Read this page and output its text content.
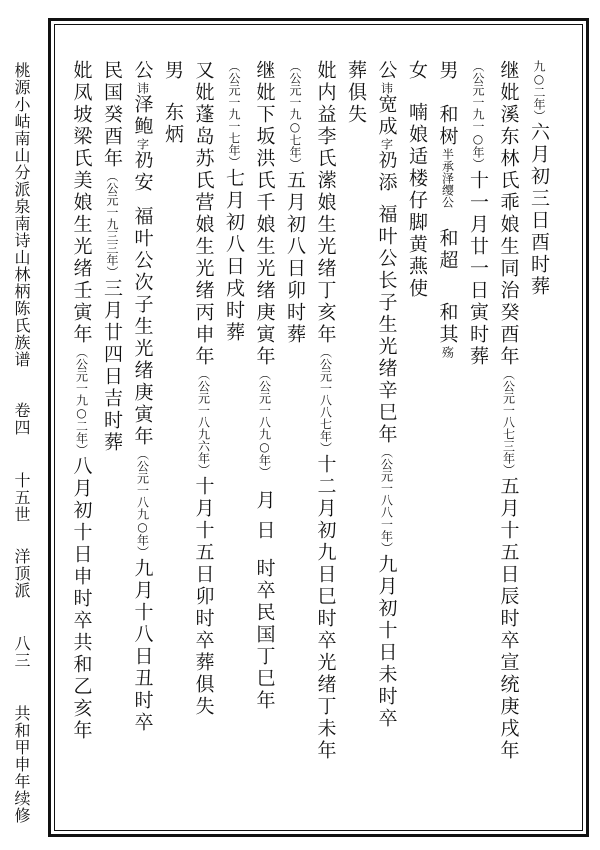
桃源小岵南山分派泉南诗山林柄陈氏族谱  卷四  十五世  洋顶派  八三  共和甲申年续修
九○二年）六月初三日酉时葬
继妣溪东林氏乖娘生同治癸酉年（公元一八七三年）五月十五日辰时卒宣统庚戌年
（公元一九一○年）十一月廿一日寅时葬
男和树半承泽缨公和超和其殇
女喃娘适楼仔脚黄燕使
公讳宽成字礽添福叶公长子生光绪辛巳年（公元一八八一年）九月初十日未时卒
葬俱失
妣内益李氏潆娘生光绪丁亥年（公元一八八七年）十二月初九日巳时卒光绪丁未年
（公元一九○七年）五月初八日卯时葬
继妣下坂洪氏千娘生光绪庚寅年（公元一八九○年）月日时卒民国丁巳年
（公元一九一七年）七月初八日戌时葬
又妣蓬岛苏氏营娘生光绪丙申年（公元一八九六年）十月十五日卯时卒葬俱失
男东炳
公讳泽鲍字礽安福叶公次子生光绪庚寅年（公元一八九○年）九月十八日丑时卒
民国癸酉年（公元一九三三年）三月廿四日吉时葬
妣凤坡梁氏美娘生光绪壬寅年（公元一九○二年）八月初十日申时卒共和乙亥年
